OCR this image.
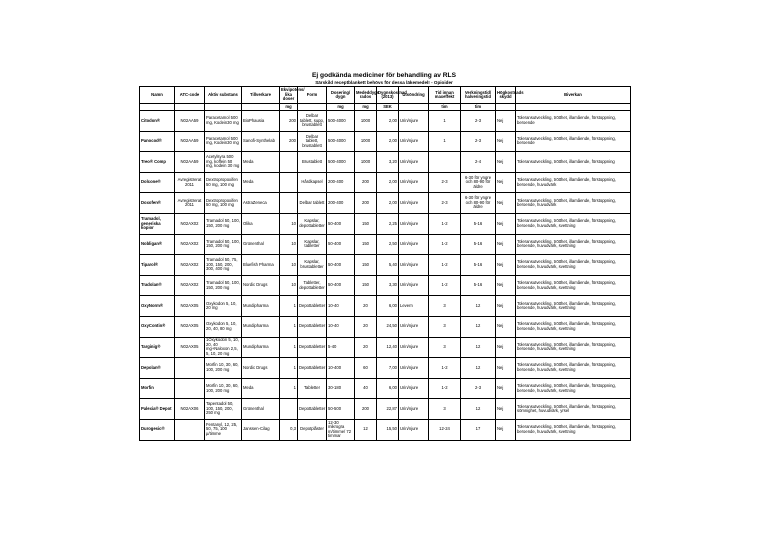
Ej godkända mediciner för behandling av RLS
Särskild receptblankett behövs för dessa läkemedel! - Opioider
Namn	ATC-code	Aktiv substans	Tillverkare	Ekvipotens/ lika doser	Form	Dosering/ dygn	Mededdygs rados	Dygnskostnad (2013)	Utsöndring	Tid innan maxeffekt	Verkningstid/ halveringstid	Högkostnads skydd	Biverkan
				mg		mg	mg	SEK		tim	tim		
Citodon®	N02AA59	Paracetamol 500 mg, Kodein30 mg	BioPhausia	200	Delbar tablett, supp, brustablett	500-4000	1000	2,00	Urin/njure	1	2-3	Nej	Toleransutveckling, trötthet, illamående, förstoppning, beroende
Panocod®	N02AA59	Paracetamol 500 mg, Kodein30 mg	Sanofi-Synthelab	200	Delbar tablett, brustablett	500-4000	1000	2,00	Urin/njure	1	2-3	Nej	Toleransutveckling, trötthet, illamående, förstoppning, beroende
Treo® Comp	N02AA59	Acetylsyra 500 mg, koffein 50 mg, kodein 30 mg	Meda		Brustablett	500-4000	1000	3,20	Urin/njure		2-4	Nej	Toleransutveckling, trötthet, illamående, förstoppning
Dolcone®	Avregistrerat 2011	Dextropropoxifen 50 mg, 100 mg	Meda		Hårdkapsel	200-400	200	2,00	Urin/njure	2-3	6-30 för yngre och 80-90 för äldre	Nej	Toleransutveckling, trötthet, illamående, förstoppning, beroende, huvudvärk
Doxofen®	Avregistrerat 2011	Dextropropoxifen 50 mg, 100 mg	AstraZeneca		Delbar tablett	200-400	200	2,00	Urin/njure	2-3	6-30 för yngre och 80-90 för äldre	Nej	Toleransutveckling, trötthet, illamående, förstoppning, beroende, huvudvärk
Tramadol, generiska kopior	N02AX02	Tramadol 50, 100, 150, 200 mg	Olika	10	Kapslar, depottabletter	50-400	150	2,25	Urin/njure	1-2	5-16	Nej	Toleransutveckling, trötthet, illamående, förstoppning, beroende, huvudvärk, svettning
Nobligan®	N02AX02	Tramadol 50, 100, 150, 200 mg	Grünenthal	10	Kapslar, tabletter	50-400	150	2,50	Urin/njure	1-2	5-16	Nej	Toleransutveckling, trötthet, illamående, förstoppning, beroende, huvudvärk, svettning
Tiparol®	N02AX02	Tramadol 50, 75, 100, 150, 200, 300, 400 mg	Bluefish Pharma	10	Kapslar, brustabletter	50-400	150	5,40	Urin/njure	1-2	5-16	Nej	Toleransutveckling, trötthet, illamående, förstoppning, beroende, huvudvärk, svettning
Tradolan®	N02AX02	Tramadol 50, 100, 150, 200 mg	Nordic Drugs	10	Tabletter, depottabletter	50-400	150	3,30	Urin/njure	1-2	5-16	Nej	Toleransutveckling, trötthet, illamående, förstoppning, beroende, huvudvärk, svettning
OxyNorm®	N02AX05	Oxykodon 5, 10, 20 mg	Mundipharma	1	Depottabletter	10-40	20	6,00	Levern	3	12	Nej	Toleransutveckling, trötthet, illamående, förstoppning, beroende, huvudvärk, svettning
OxyContin®	N02AX05	Oxykodon 5, 10, 20, 40, 80 mg	Mundipharma	1	Depottabletter	10-40	20	24,50	Urin/njure	3	12	Nej	Toleransutveckling, trötthet, illamående, förstoppning, beroende, huvudvärk, svettning
Targinig®	N02AX05	1Oxykodon 5, 10, 20, 40 mg+Naloxon 2,5, 5, 10, 20 mg	Mundipharma	1	Depottabletter	5-40	20	12,40	Urin/njure	3	12	Nej	Toleransutveckling, trötthet, illamående, förstoppning, beroende, huvudvärk, svettning
Depolan®		Morfin 10, 30, 60, 100, 200 mg	Nordic Drugs	1	Depottabletter	10-400	60	7,00	Urin/njure	1-2	12	Nej	Toleransutveckling, trötthet, illamående, förstoppning, beroende, huvudvärk, svettning
Morfin		Morfin 10, 30, 60, 100, 200 mg	Meda	1	Tabletter	30-180	40	6,00	Urin/njure	1-2	2-3	Nej	Toleransutveckling, trötthet, illamående, förstoppning, beroende, huvudvärk, svettning
Palexia® Depot	N02AX06	Tapentadol 50, 100, 150, 200, 250 mg	Grünenthal		Depottabletter	50-500	200	22,87	Urin/njure	3	12	Nej	Toleransutveckling, trötthet, illamående, förstoppning, sömnighet, huvudvärk, yrsel
Durogesic®		Fentanyl, 12, 25, 50, 75, 100 µ/timme	Janssen-Cilag	0,3	Depotplåster	12-30 mikrogra m/timme/ 72 timmar	12	15,50	Urin/njure	12-24	17	Nej	Toleransutveckling, trötthet, illamående, förstoppning, beroende, huvudvärk, svettning
